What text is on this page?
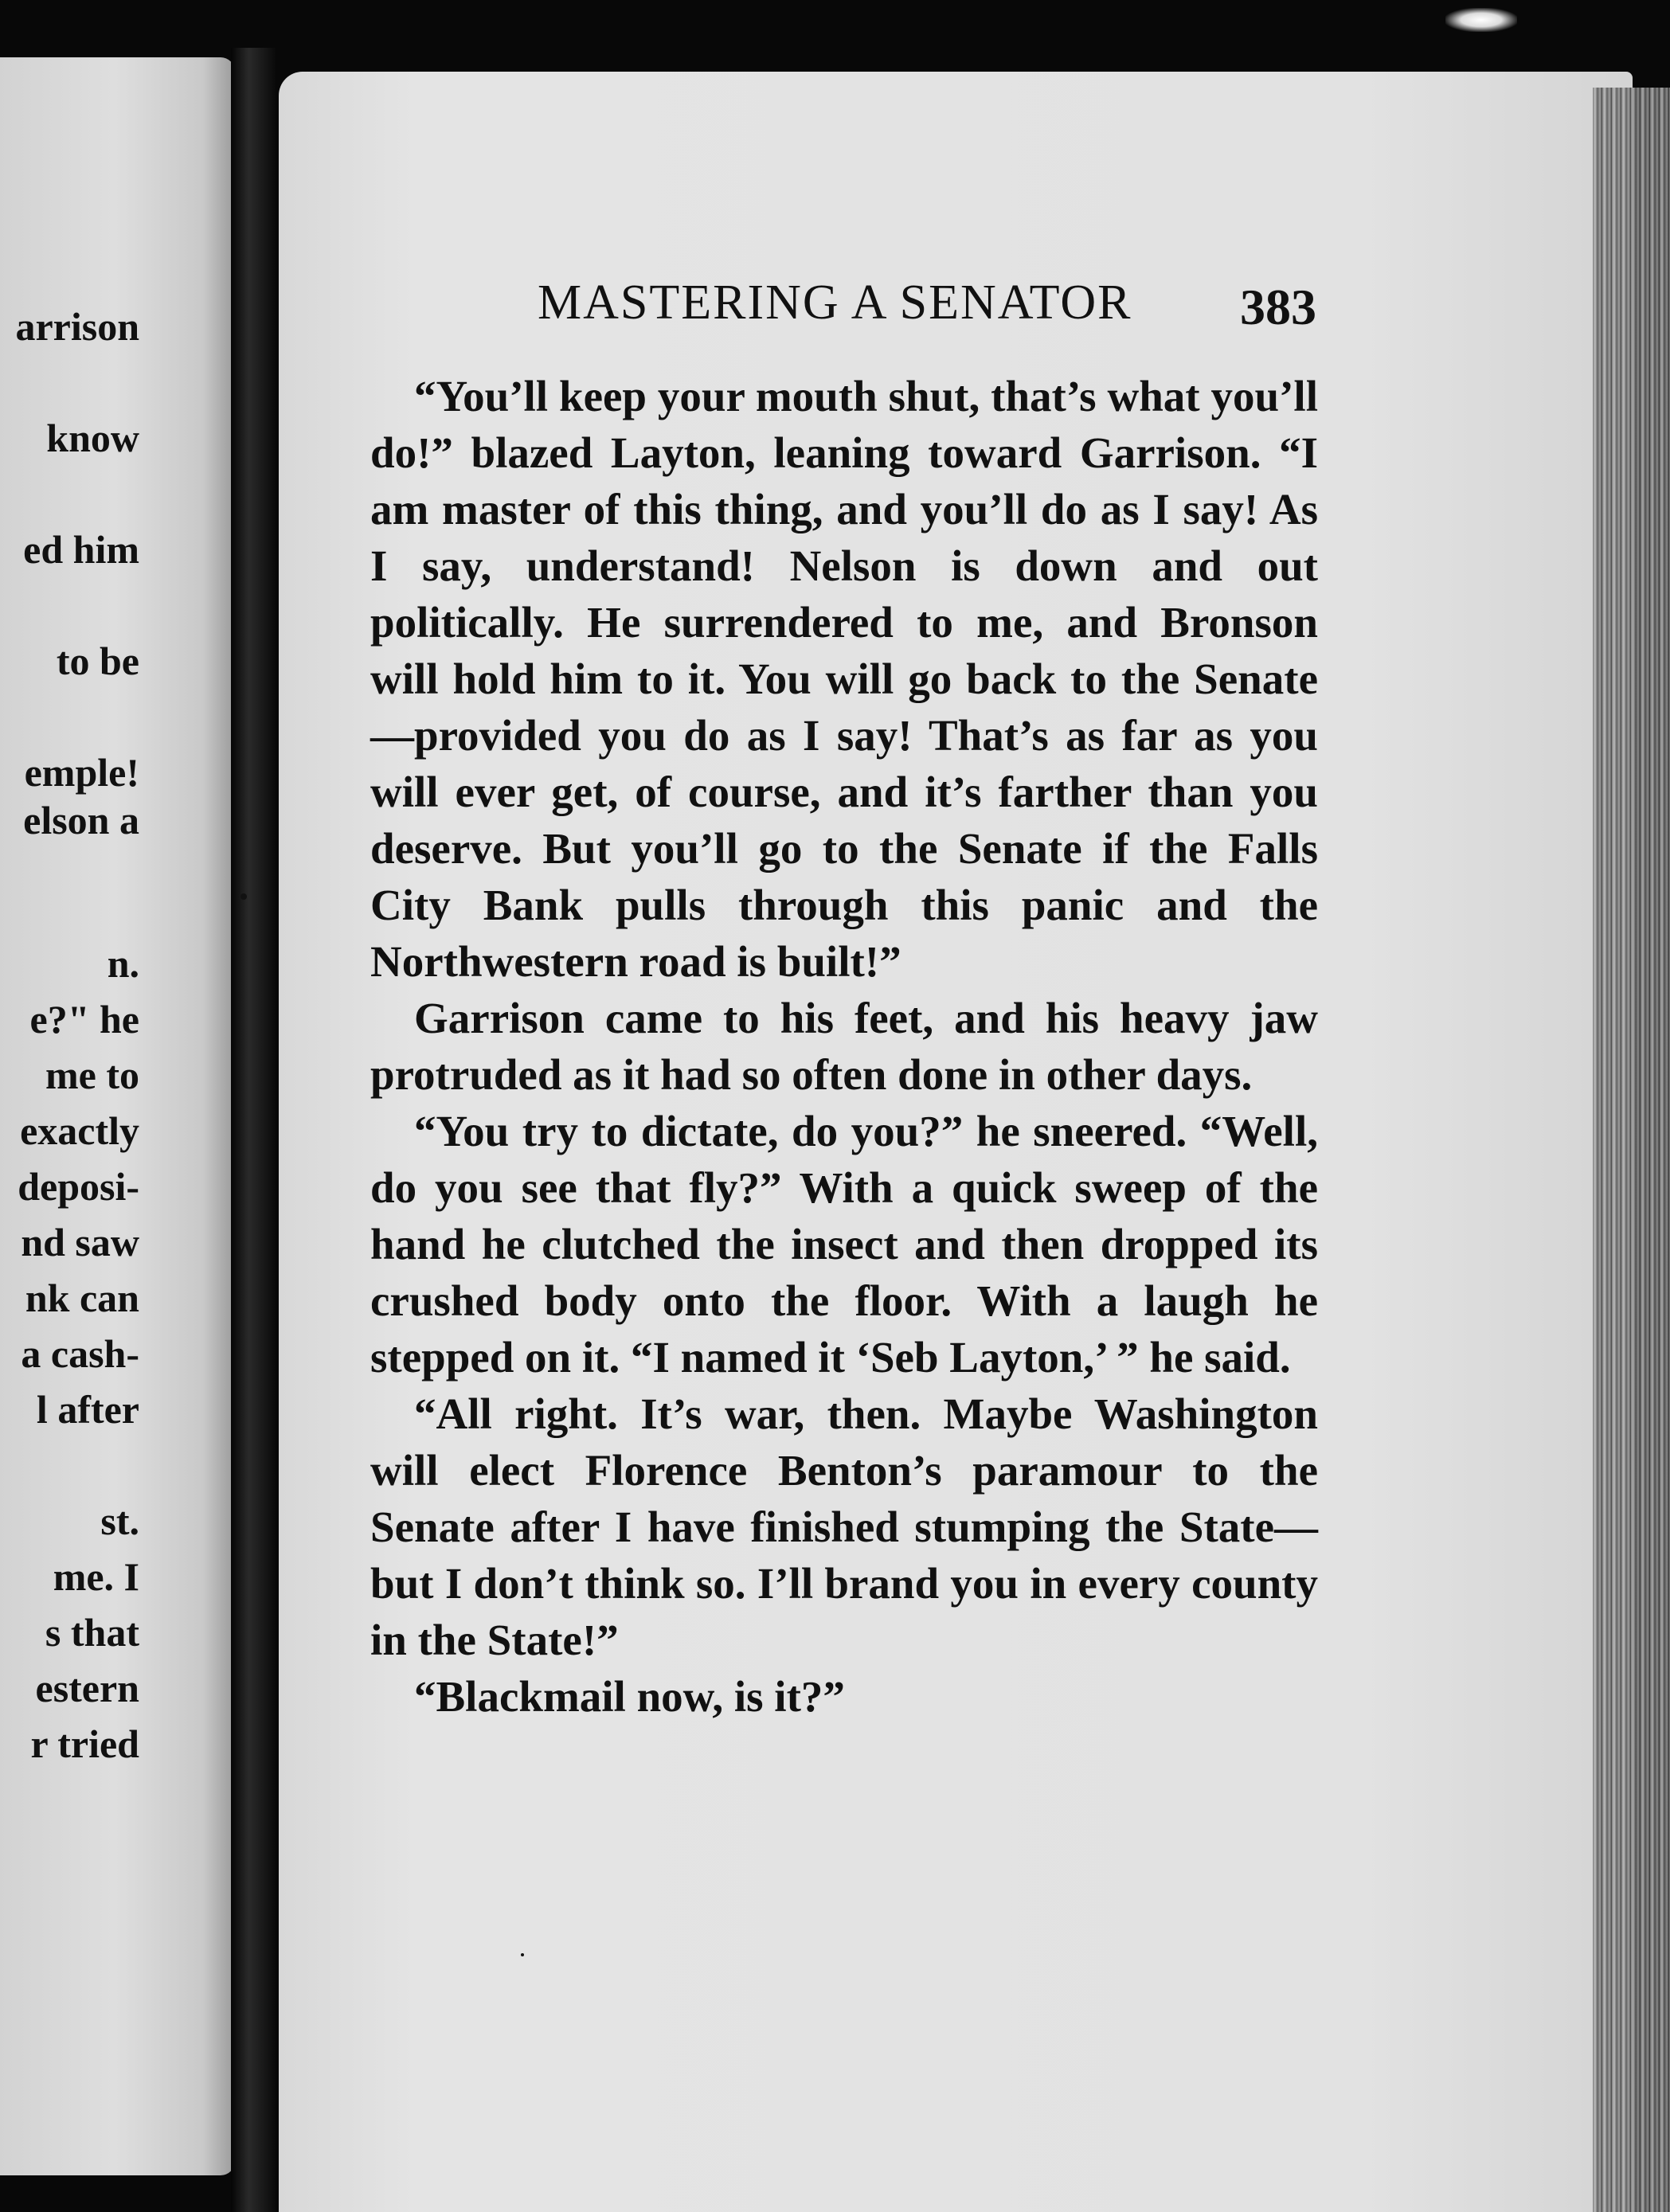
arrison
know
ed him
to be
emple!
elson a
n.
e?" he
me to
exactly
deposi-
nd saw
nk can
a cash-
l after
st.
me. I
s that
estern
r tried
MASTERING A SENATOR 383

“You’ll keep your mouth shut, that’s what you’ll do!” blazed Layton, leaning toward Garrison. “I am master of this thing, and you’ll do as I say! As I say, understand! Nelson is down and out politically. He surrendered to me, and Bronson will hold him to it. You will go back to the Senate—provided you do as I say! That’s as far as you will ever get, of course, and it’s farther than you deserve. But you’ll go to the Senate if the Falls City Bank pulls through this panic and the Northwestern road is built!”

Garrison came to his feet, and his heavy jaw protruded as it had so often done in other days.

“You try to dictate, do you?” he sneered. “Well, do you see that fly?” With a quick sweep of the hand he clutched the insect and then dropped its crushed body onto the floor. With a laugh he stepped on it. “I named it ‘Seb Layton,’ ” he said.

“All right. It’s war, then. Maybe Washington will elect Florence Benton’s paramour to the Senate after I have finished stumping the State—but I don’t think so. I’ll brand you in every county in the State!”

“Blackmail now, is it?”
